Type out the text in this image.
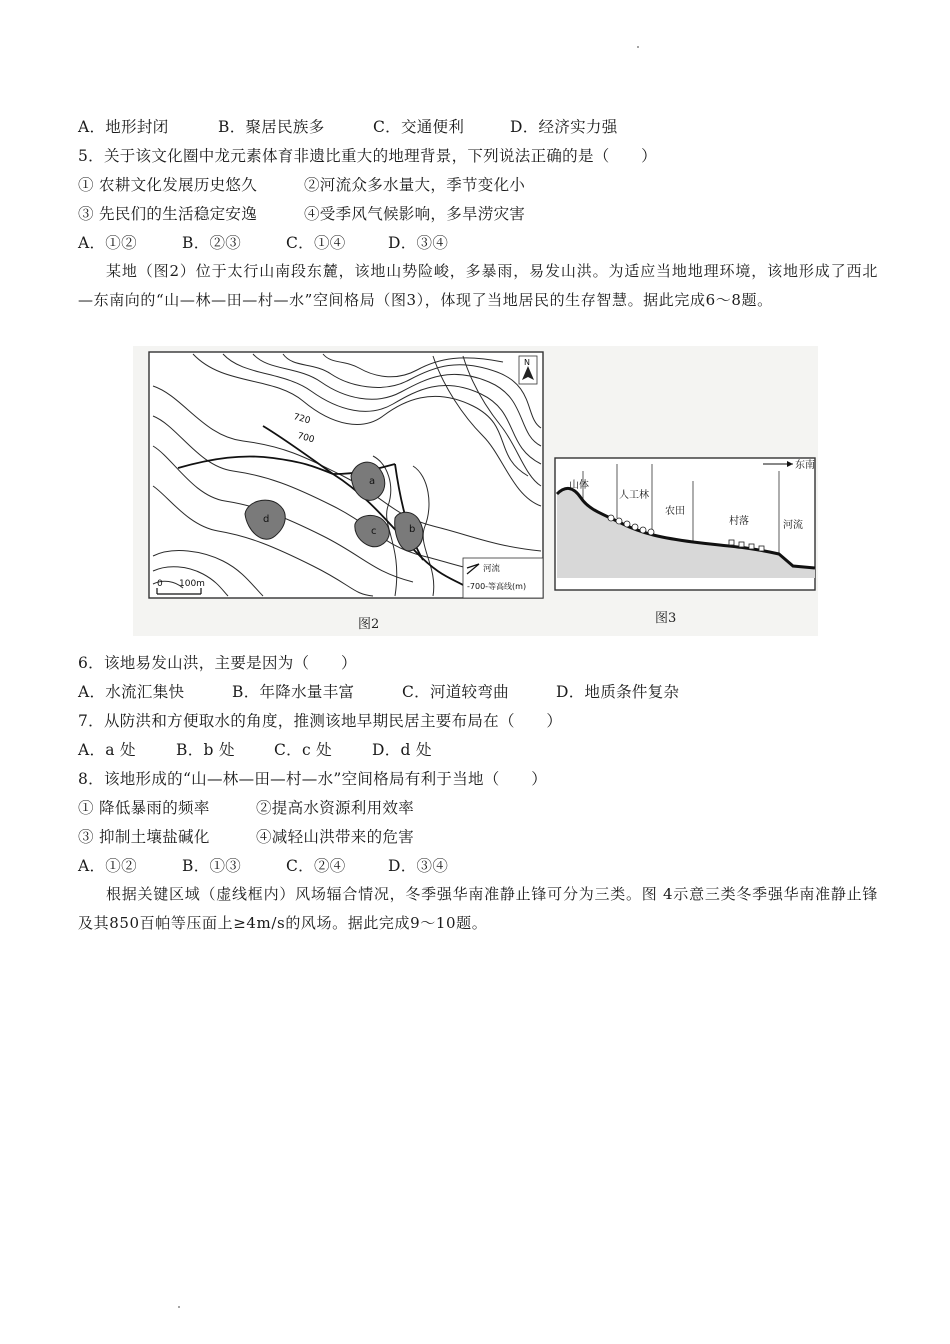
A．地形封闭	B．聚居民族多	C．交通便利	D．经济实力强
5．关于该文化圈中龙元素体育非遗比重大的地理背景，下列说法正确的是（　　）
① 农耕文化发展历史悠久	②河流众多水量大，季节变化小
③ 先民们的生活稳定安逸	④受季风气候影响，多旱涝灾害
A．①②	B．②③	C．①④	D．③④
某地（图2）位于太行山南段东麓，该地山势险峻，多暴雨，易发山洪。为适应当地地理环境，该地形成了西北—东南向的“山—林—田—村—水”空间格局（图3），体现了当地居民的生存智慧。据此完成6～8题。
a
b
c
d
720
700
N
0 100m
河流
-700-等高线(m)
图2
东南
山体
人工林
农田
村落	河流
图3
6．该地易发山洪，主要是因为（　　）
A．水流汇集快	B．年降水量丰富	C．河道较弯曲	D．地质条件复杂
7．从防洪和方便取水的角度，推测该地早期民居主要布局在（　　）
A．a 处	B．b 处	C．c 处	D．d 处
8．该地形成的“山—林—田—村—水”空间格局有利于当地（　　）
① 降低暴雨的频率	②提高水资源利用效率
③ 抑制土壤盐碱化	④减轻山洪带来的危害
A．①②	B．①③	C．②④	D．③④
根据关键区域（虚线框内）风场辐合情况，冬季强华南准静止锋可分为三类。图 4示意三类冬季强华南准静止锋及其850百帕等压面上≥4m/s的风场。据此完成9～10题。
